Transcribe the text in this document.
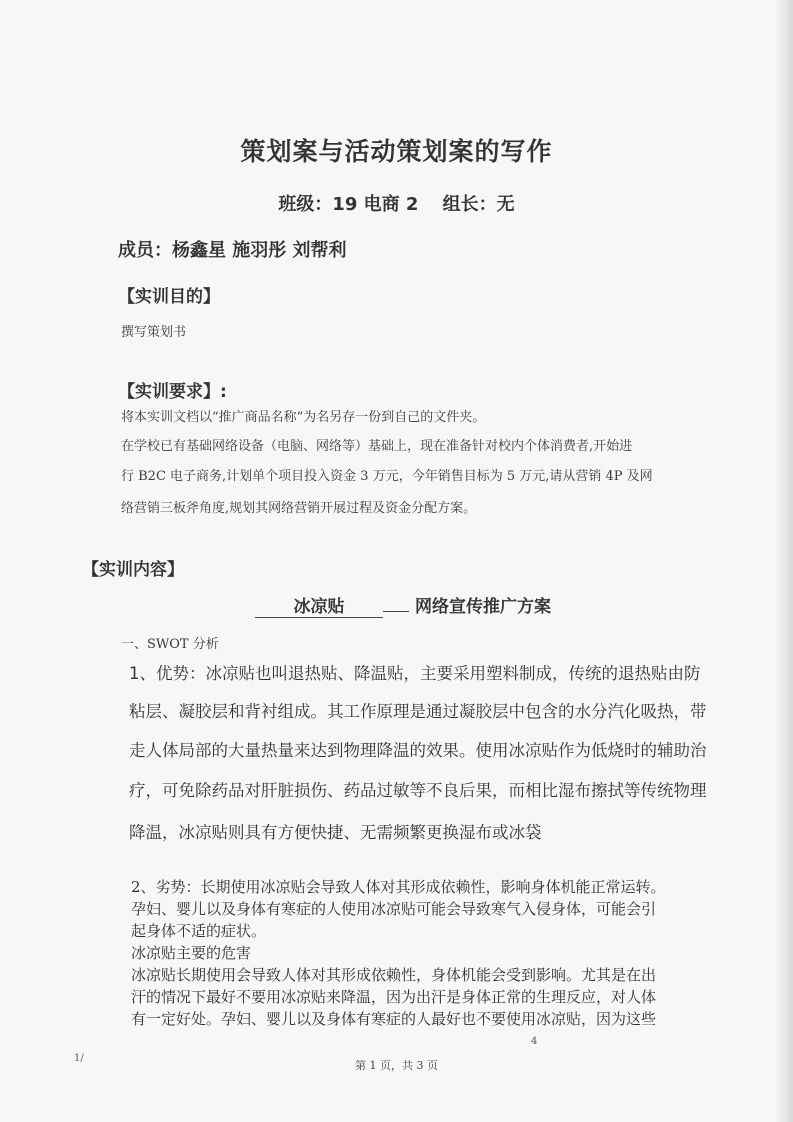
策划案与活动策划案的写作
班级：19 电商 2　 组长：无
成员：杨鑫星 施羽彤 刘帮利
【实训目的】
撰写策划书
【实训要求】:
将本实训文档以“推广商品名称”为名另存一份到自己的文件夹。
在学校已有基础网络设备（电脑、网络等）基础上，现在准备针对校内个体消费者,开始进
行 B2C 电子商务,计划单个项目投入资金 3 万元，今年销售目标为 5 万元,请从营销 4P 及网
络营销三板斧角度,规划其网络营销开展过程及资金分配方案。
【实训内容】
冰凉贴	网络宣传推广方案
一、SWOT 分析
1、优势：冰凉贴也叫退热贴、降温贴，主要采用塑料制成，传统的退热贴由防
粘层、凝胶层和背衬组成。其工作原理是通过凝胶层中包含的水分汽化吸热，带
走人体局部的大量热量来达到物理降温的效果。使用冰凉贴作为低烧时的辅助治
疗，可免除药品对肝脏损伤、药品过敏等不良后果，而相比湿布擦拭等传统物理
降温，冰凉贴则具有方便快捷、无需频繁更换湿布或冰袋
2、劣势：长期使用冰凉贴会导致人体对其形成依赖性，影响身体机能正常运转。
孕妇、婴儿以及身体有寒症的人使用冰凉贴可能会导致寒气入侵身体，可能会引
起身体不适的症状。
冰凉贴主要的危害
冰凉贴长期使用会导致人体对其形成依赖性，身体机能会受到影响。尤其是在出
汗的情况下最好不要用冰凉贴来降温，因为出汗是身体正常的生理反应，对人体
有一定好处。孕妇、婴儿以及身体有寒症的人最好也不要使用冰凉贴，因为这些
4
第 1 页，共 3 页
1/
